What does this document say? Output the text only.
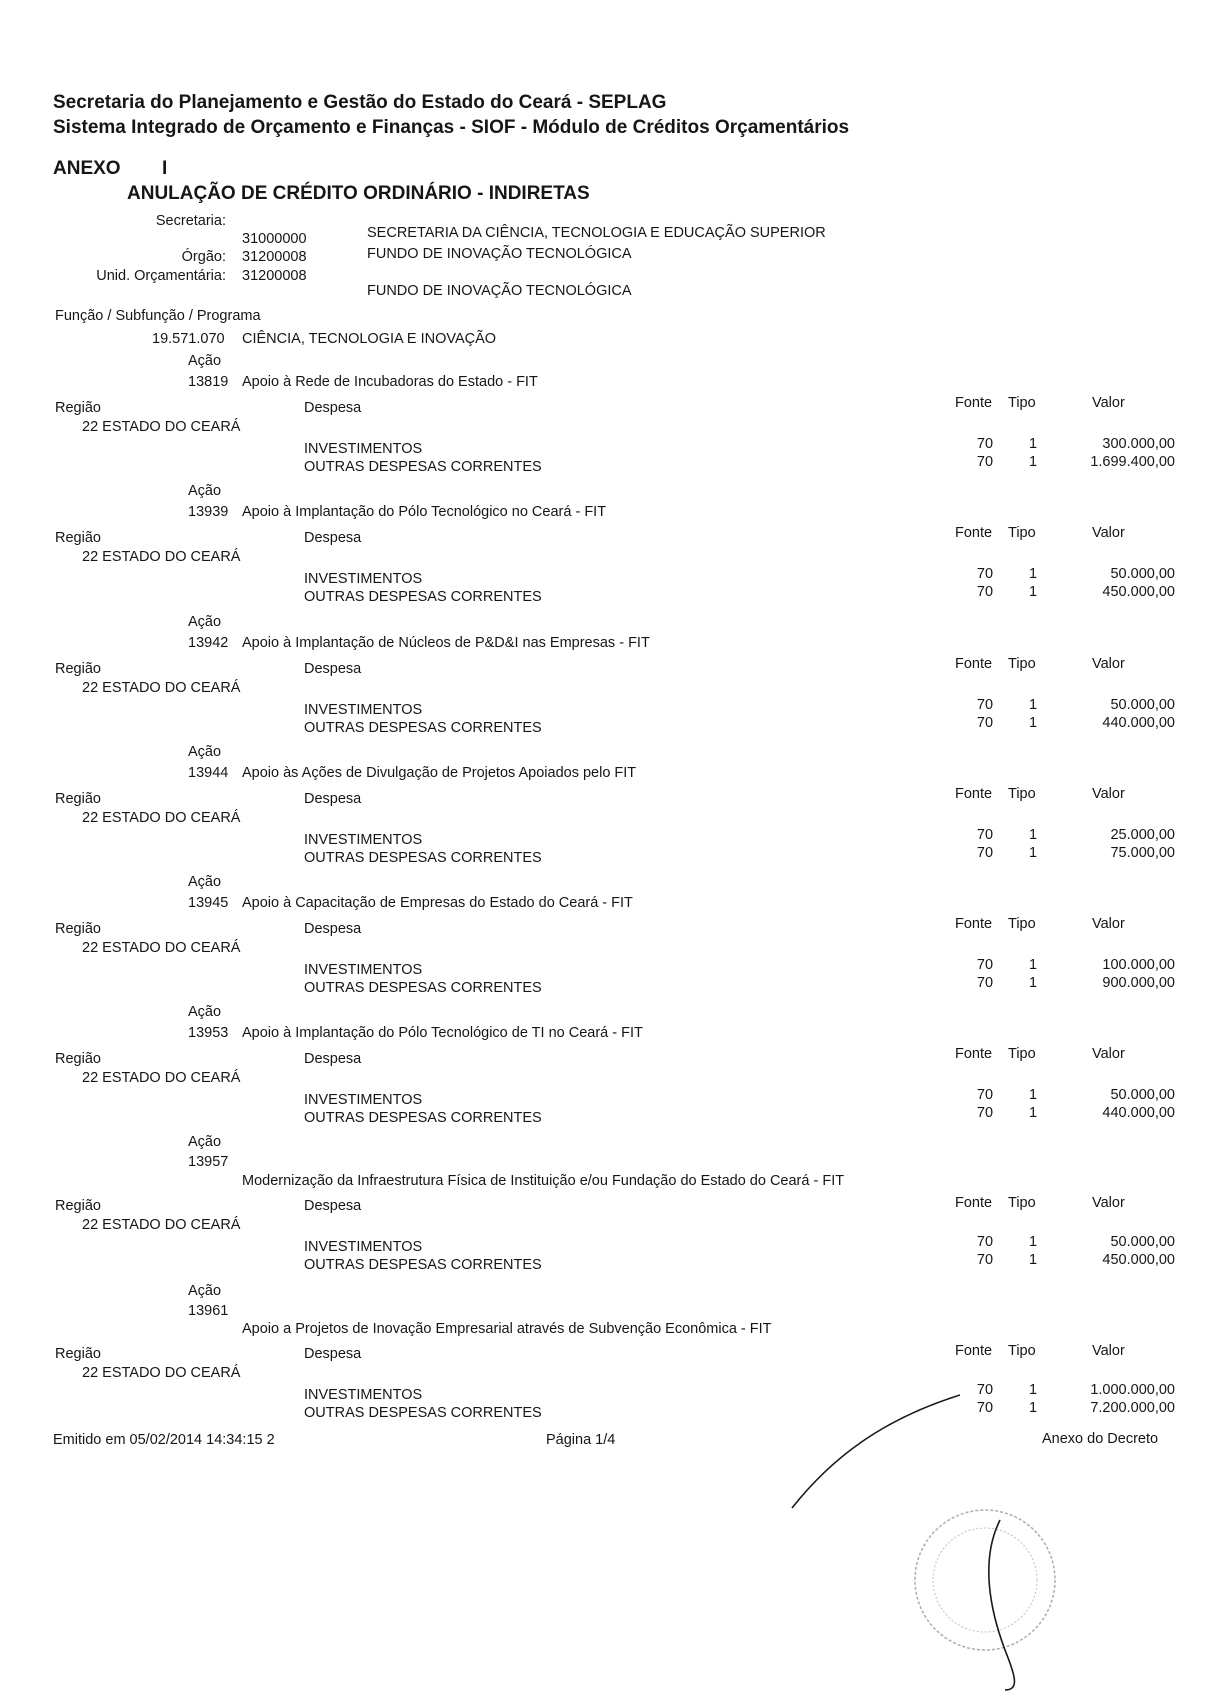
Secretaria do Planejamento e Gestão do Estado do Ceará - SEPLAG
Sistema Integrado de Orçamento e Finanças - SIOF - Módulo de Créditos Orçamentários
ANEXO I
ANULAÇÃO DE CRÉDITO ORDINÁRIO - INDIRETAS
Secretaria:
31000000	SECRETARIA DA CIÊNCIA, TECNOLOGIA E EDUCAÇÃO SUPERIOR
Órgão: 31200008	FUNDO DE INOVAÇÃO TECNOLÓGICA
Unid. Orçamentária: 31200008
FUNDO DE INOVAÇÃO TECNOLÓGICA
Função / Subfunção / Programa
19.571.070 CIÊNCIA, TECNOLOGIA E INOVAÇÃO
Ação
13819 Apoio à Rede de Incubadoras do Estado - FIT
Região	Despesa	Fonte Tipo	Valor
22 ESTADO DO CEARÁ
INVESTIMENTOS	70	1	300.000,00
OUTRAS DESPESAS CORRENTES	70	1	1.699.400,00
Ação
13939 Apoio à Implantação do Pólo Tecnológico no Ceará - FIT
Região	Despesa	Fonte Tipo	Valor
22 ESTADO DO CEARÁ
INVESTIMENTOS	70	1	50.000,00
OUTRAS DESPESAS CORRENTES	70	1	450.000,00
Ação
13942 Apoio à Implantação de Núcleos de P&D&I nas Empresas - FIT
Região	Despesa	Fonte Tipo	Valor
22 ESTADO DO CEARÁ
INVESTIMENTOS	70	1	50.000,00
OUTRAS DESPESAS CORRENTES	70	1	440.000,00
Ação
13944 Apoio às Ações de Divulgação de Projetos Apoiados pelo FIT
Região	Despesa	Fonte Tipo	Valor
22 ESTADO DO CEARÁ
INVESTIMENTOS	70	1	25.000,00
OUTRAS DESPESAS CORRENTES	70	1	75.000,00
Ação
13945 Apoio à Capacitação de Empresas do Estado do Ceará - FIT
Região	Despesa	Fonte Tipo	Valor
22 ESTADO DO CEARÁ
INVESTIMENTOS	70	1	100.000,00
OUTRAS DESPESAS CORRENTES	70	1	900.000,00
Ação
13953 Apoio à Implantação do Pólo Tecnológico de TI no Ceará - FIT
Região	Despesa	Fonte Tipo	Valor
22 ESTADO DO CEARÁ
INVESTIMENTOS	70	1	50.000,00
OUTRAS DESPESAS CORRENTES	70	1	440.000,00
Ação
13957
Modernização da Infraestrutura Física de Instituição e/ou Fundação do Estado do Ceará - FIT
Região	Despesa	Fonte Tipo	Valor
22 ESTADO DO CEARÁ
INVESTIMENTOS	70	1	50.000,00
OUTRAS DESPESAS CORRENTES	70	1	450.000,00
Ação
13961
Apoio a Projetos de Inovação Empresarial através de Subvenção Econômica - FIT
Região	Despesa	Fonte Tipo	Valor
22 ESTADO DO CEARÁ
INVESTIMENTOS	70	1	1.000.000,00
OUTRAS DESPESAS CORRENTES	70	1	7.200.000,00
Emitido em 05/02/2014 14:34:15 2	Página 1/4	Anexo do Decreto
